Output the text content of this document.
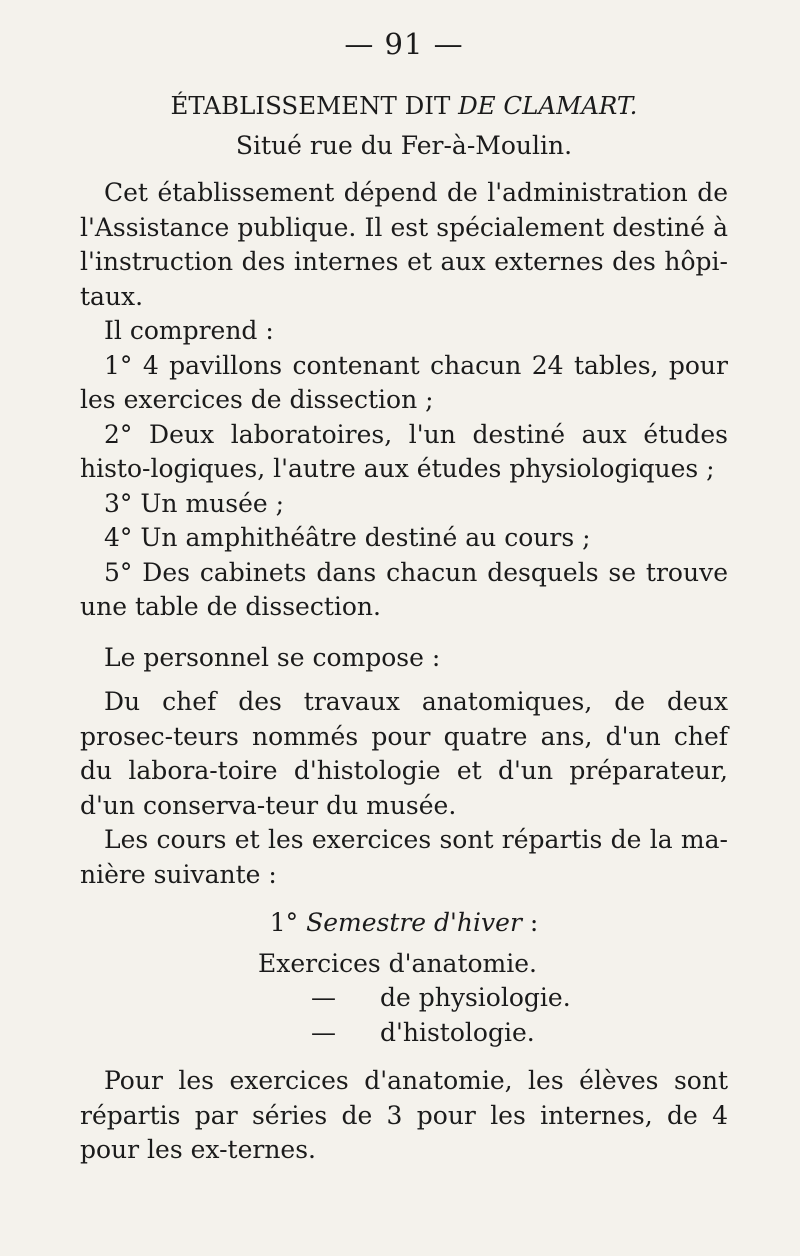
— 91 —
ÉTABLISSEMENT DIT DE CLAMART.
Situé rue du Fer-à-Moulin.

Cet établissement dépend de l'administration de l'Assistance publique. Il est spécialement destiné à l'instruction des internes et aux externes des hôpi-taux.

Il comprend :

1° 4 pavillons contenant chacun 24 tables, pour les exercices de dissection ;

2° Deux laboratoires, l'un destiné aux études histo-logiques, l'autre aux études physiologiques ;

3° Un musée ;

4° Un amphithéâtre destiné au cours ;

5° Des cabinets dans chacun desquels se trouve une table de dissection.

Le personnel se compose :

Du chef des travaux anatomiques, de deux prosec-teurs nommés pour quatre ans, d'un chef du labora-toire d'histologie et d'un préparateur, d'un conserva-teur du musée.

Les cours et les exercices sont répartis de la ma-nière suivante :

1° Semestre d'hiver :
Exercices d'anatomie.
—	de physiologie.
—	d'histologie.

Pour les exercices d'anatomie, les élèves sont répartis par séries de 3 pour les internes, de 4 pour les ex-ternes.
